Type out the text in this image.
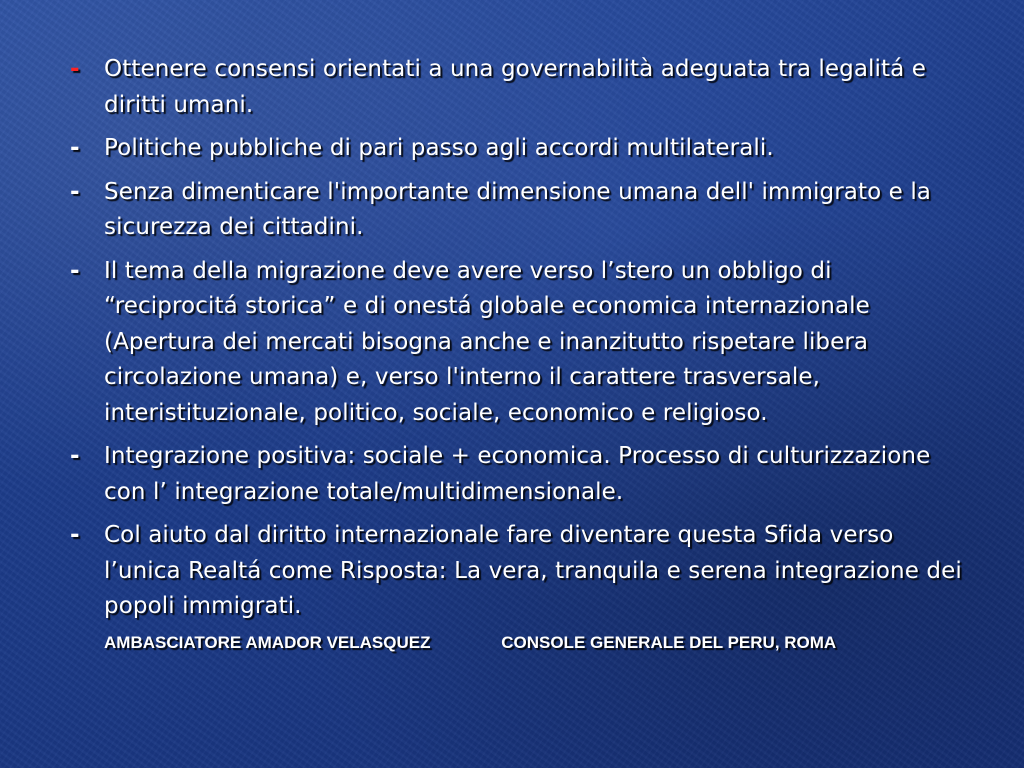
- Ottenere consensi orientati a una governabilità adeguata tra legalitá e diritti umani.
- Politiche pubbliche di pari passo agli accordi multilaterali.
- Senza dimenticare l'importante dimensione umana dell' immigrato e la sicurezza dei cittadini.
- Il tema della migrazione deve avere verso l’stero un obbligo di “reciprocitá storica” e di onestá globale economica internazionale (Apertura dei mercati bisogna anche e inanzitutto rispetare libera circolazione umana) e, verso l'interno il carattere trasversale, interistituzionale, politico, sociale, economico e religioso.
- Integrazione positiva: sociale + economica. Processo di culturizzazione con l’ integrazione totale/multidimensionale.
- Col aiuto dal diritto internazionale fare diventare questa Sfida verso l’unica Realtá come Risposta: La vera, tranquila e serena integrazione dei popoli immigrati.
AMBASCIATORE AMADOR VELASQUEZ	CONSOLE GENERALE DEL PERU, ROMA
